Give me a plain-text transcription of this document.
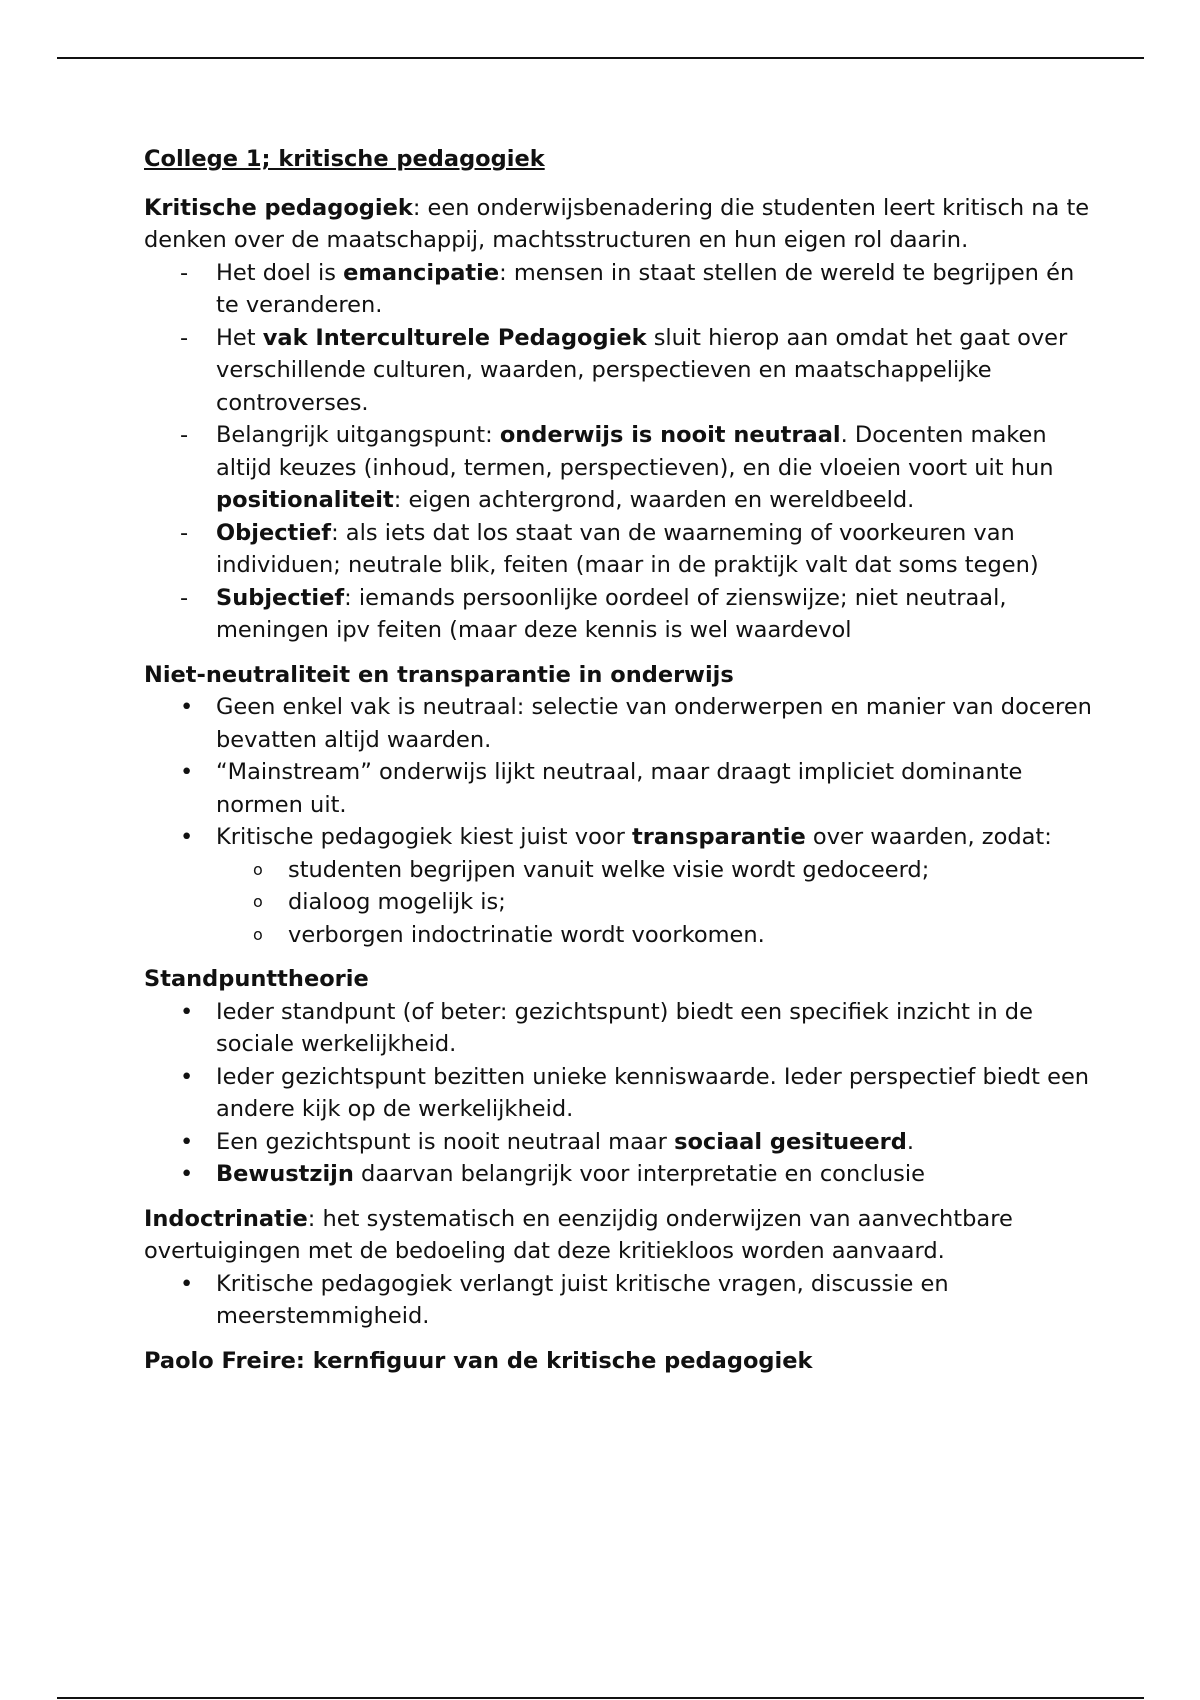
College 1; kritische pedagogiek

Kritische pedagogiek: een onderwijsbenadering die studenten leert kritisch na te denken over de maatschappij, machtsstructuren en hun eigen rol daarin.

-	Het doel is emancipatie: mensen in staat stellen de wereld te begrijpen én te veranderen.
-	Het vak Interculturele Pedagogiek sluit hierop aan omdat het gaat over verschillende culturen, waarden, perspectieven en maatschappelijke controverses.
-	Belangrijk uitgangspunt: onderwijs is nooit neutraal. Docenten maken altijd keuzes (inhoud, termen, perspectieven), en die vloeien voort uit hun positionaliteit: eigen achtergrond, waarden en wereldbeeld.
-	Objectief: als iets dat los staat van de waarneming of voorkeuren van individuen; neutrale blik, feiten (maar in de praktijk valt dat soms tegen)
-	Subjectief: iemands persoonlijke oordeel of zienswijze; niet neutraal, meningen ipv feiten (maar deze kennis is wel waardevol

Niet-neutraliteit en transparantie in onderwijs

• Geen enkel vak is neutraal: selectie van onderwerpen en manier van doceren bevatten altijd waarden.
• “Mainstream” onderwijs lijkt neutraal, maar draagt impliciet dominante normen uit.
• Kritische pedagogiek kiest juist voor transparantie over waarden, zodat:
o	studenten begrijpen vanuit welke visie wordt gedoceerd;
o	dialoog mogelijk is;
o	verborgen indoctrinatie wordt voorkomen.

Standpunttheorie

• Ieder standpunt (of beter: gezichtspunt) biedt een specifiek inzicht in de sociale werkelijkheid.
• Ieder gezichtspunt bezitten unieke kenniswaarde. Ieder perspectief biedt een andere kijk op de werkelijkheid.
• Een gezichtspunt is nooit neutraal maar sociaal gesitueerd.
• Bewustzijn daarvan belangrijk voor interpretatie en conclusie

Indoctrinatie: het systematisch en eenzijdig onderwijzen van aanvechtbare overtuigingen met de bedoeling dat deze kritiekloos worden aanvaard.

• Kritische pedagogiek verlangt juist kritische vragen, discussie en meerstemmigheid.

Paolo Freire: kernfiguur van de kritische pedagogiek
